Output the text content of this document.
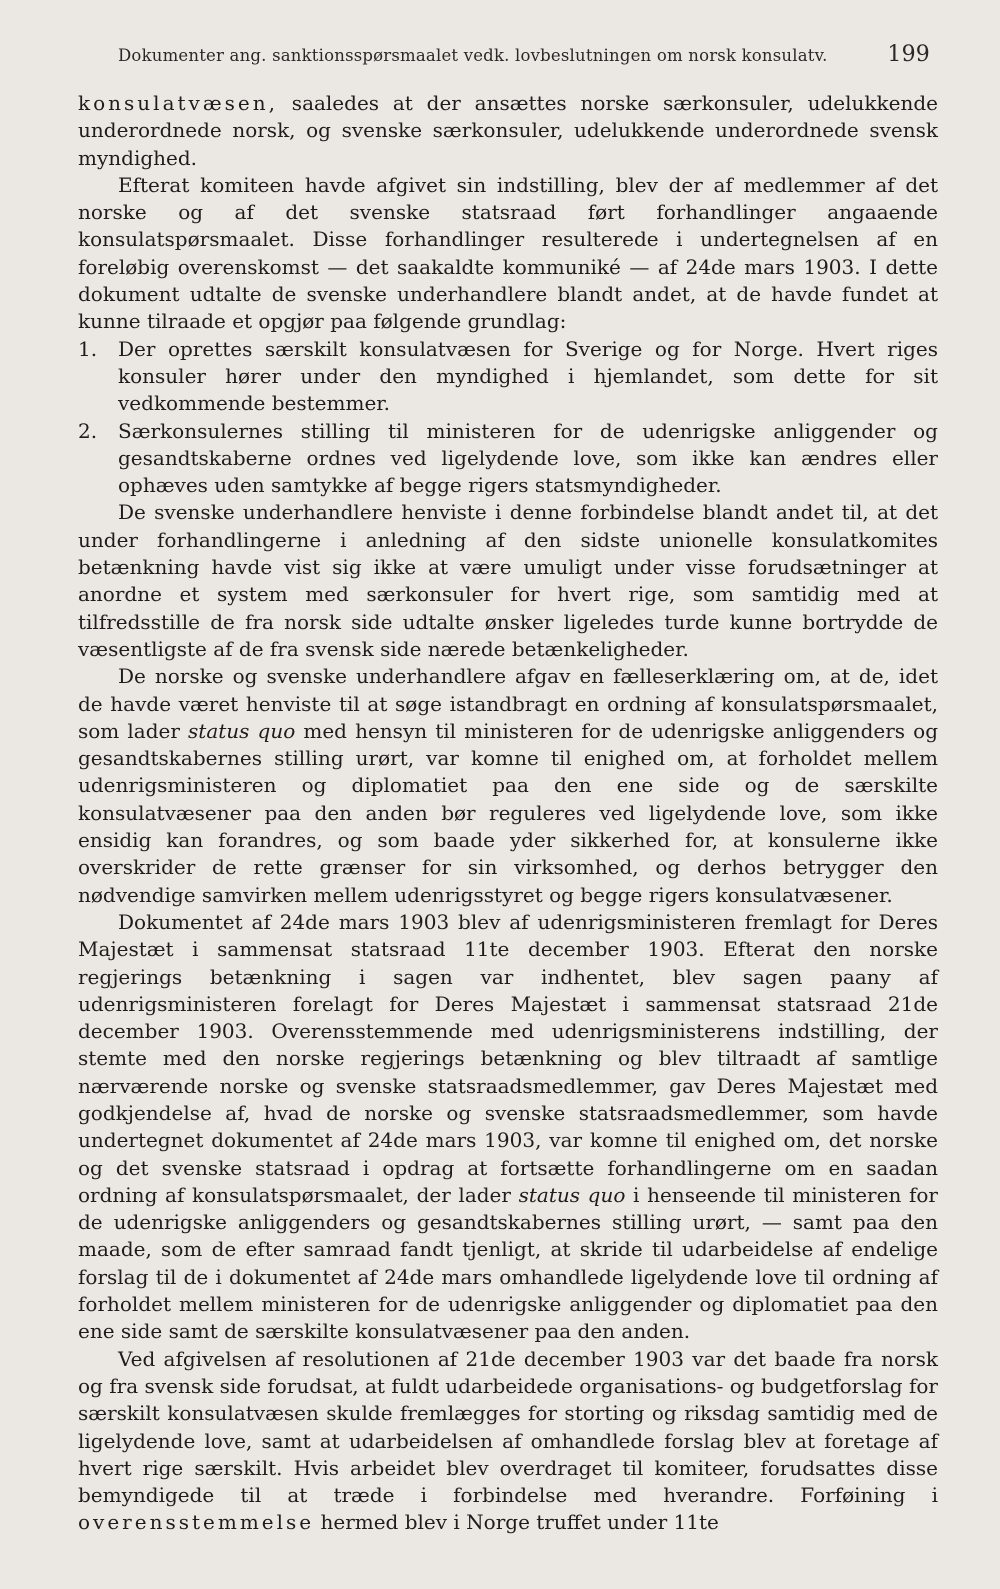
Dokumenter ang. sanktionsspørsmaalet vedk. lovbeslutningen om norsk konsulatv.	199

konsulatvæsen, saaledes at der ansættes norske særkonsuler, udelukkende underordnede norsk, og svenske særkonsuler, udelukkende underordnede svensk myndighed.

Efterat komiteen havde afgivet sin indstilling, blev der af medlemmer af det norske og af det svenske statsraad ført forhandlinger angaaende konsulatspørsmaalet. Disse forhandlinger resulterede i undertegnelsen af en foreløbig overenskomst — det saakaldte kommuniké — af 24de mars 1903. I dette dokument udtalte de svenske underhandlere blandt andet, at de havde fundet at kunne tilraade et opgjør paa følgende grundlag:

1.	Der oprettes særskilt konsulatvæsen for Sverige og for Norge. Hvert riges konsuler hører under den myndighed i hjemlandet, som dette for sit vedkommende bestemmer.
2.	Særkonsulernes stilling til ministeren for de udenrigske anliggender og gesandtskaberne ordnes ved ligelydende love, som ikke kan ændres eller ophæves uden samtykke af begge rigers statsmyndigheder.

De svenske underhandlere henviste i denne forbindelse blandt andet til, at det under forhandlingerne i anledning af den sidste unionelle konsulatkomites betænkning havde vist sig ikke at være umuligt under visse forudsætninger at anordne et system med særkonsuler for hvert rige, som samtidig med at tilfredsstille de fra norsk side udtalte ønsker ligeledes turde kunne bortrydde de væsentligste af de fra svensk side nærede betænkeligheder.

De norske og svenske underhandlere afgav en fælleserklæring om, at de, idet de havde været henviste til at søge istandbragt en ordning af konsulatspørsmaalet, som lader status quo med hensyn til ministeren for de udenrigske anliggenders og gesandtskabernes stilling urørt, var komne til enighed om, at forholdet mellem udenrigsministeren og diplomatiet paa den ene side og de særskilte konsulatvæsener paa den anden bør reguleres ved ligelydende love, som ikke ensidig kan forandres, og som baade yder sikkerhed for, at konsulerne ikke overskrider de rette grænser for sin virksomhed, og derhos betrygger den nødvendige samvirken mellem udenrigsstyret og begge rigers konsulatvæsener.

Dokumentet af 24de mars 1903 blev af udenrigsministeren fremlagt for Deres Majestæt i sammensat statsraad 11te december 1903. Efterat den norske regjerings betænkning i sagen var indhentet, blev sagen paany af udenrigsministeren forelagt for Deres Majestæt i sammensat statsraad 21de december 1903. Overensstemmende med udenrigsministerens indstilling, der stemte med den norske regjerings betænkning og blev tiltraadt af samtlige nærværende norske og svenske statsraadsmedlemmer, gav Deres Majestæt med godkjendelse af, hvad de norske og svenske statsraadsmedlemmer, som havde undertegnet dokumentet af 24de mars 1903, var komne til enighed om, det norske og det svenske statsraad i opdrag at fortsætte forhandlingerne om en saadan ordning af konsulatspørsmaalet, der lader status quo i henseende til ministeren for de udenrigske anliggenders og gesandtskabernes stilling urørt, — samt paa den maade, som de efter samraad fandt tjenligt, at skride til udarbeidelse af endelige forslag til de i dokumentet af 24de mars omhandlede ligelydende love til ordning af forholdet mellem ministeren for de udenrigske anliggender og diplomatiet paa den ene side samt de særskilte konsulatvæsener paa den anden.

Ved afgivelsen af resolutionen af 21de december 1903 var det baade fra norsk og fra svensk side forudsat, at fuldt udarbeidede organisations- og budgetforslag for særskilt konsulatvæsen skulde fremlægges for storting og riksdag samtidig med de ligelydende love, samt at udarbeidelsen af omhandlede forslag blev at foretage af hvert rige særskilt. Hvis arbeidet blev overdraget til komiteer, forudsattes disse bemyndigede til at træde i forbindelse med hverandre. Forføining i overensstemmelse hermed blev i Norge truffet under 11te
